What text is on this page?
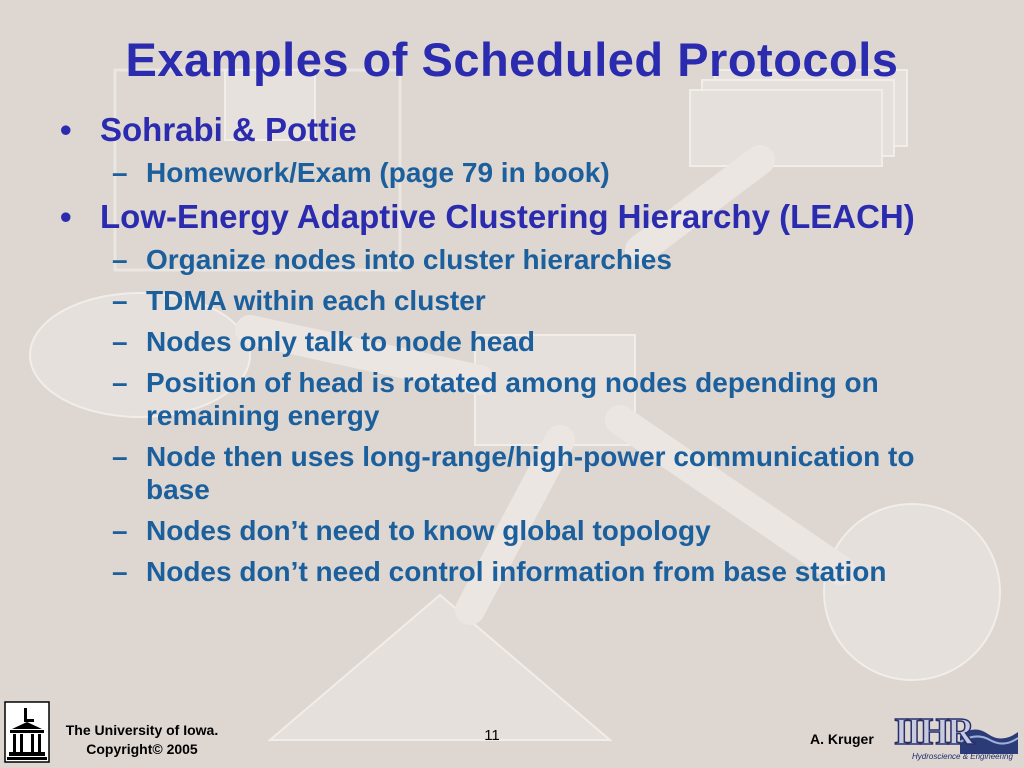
Examples of Scheduled Protocols
• Sohrabi & Pottie
– Homework/Exam (page 79 in book)
• Low-Energy Adaptive Clustering Hierarchy (LEACH)
– Organize nodes into cluster hierarchies
– TDMA within each cluster
– Nodes only talk to node head
– Position of head is rotated among nodes depending on remaining energy
– Node then uses long-range/high-power communication to base
– Nodes don’t need to know global topology
– Nodes don’t need control information from base station
The University of Iowa.
Copyright© 2005
11	A. Kruger IIHR
Hydroscience & Engineering
